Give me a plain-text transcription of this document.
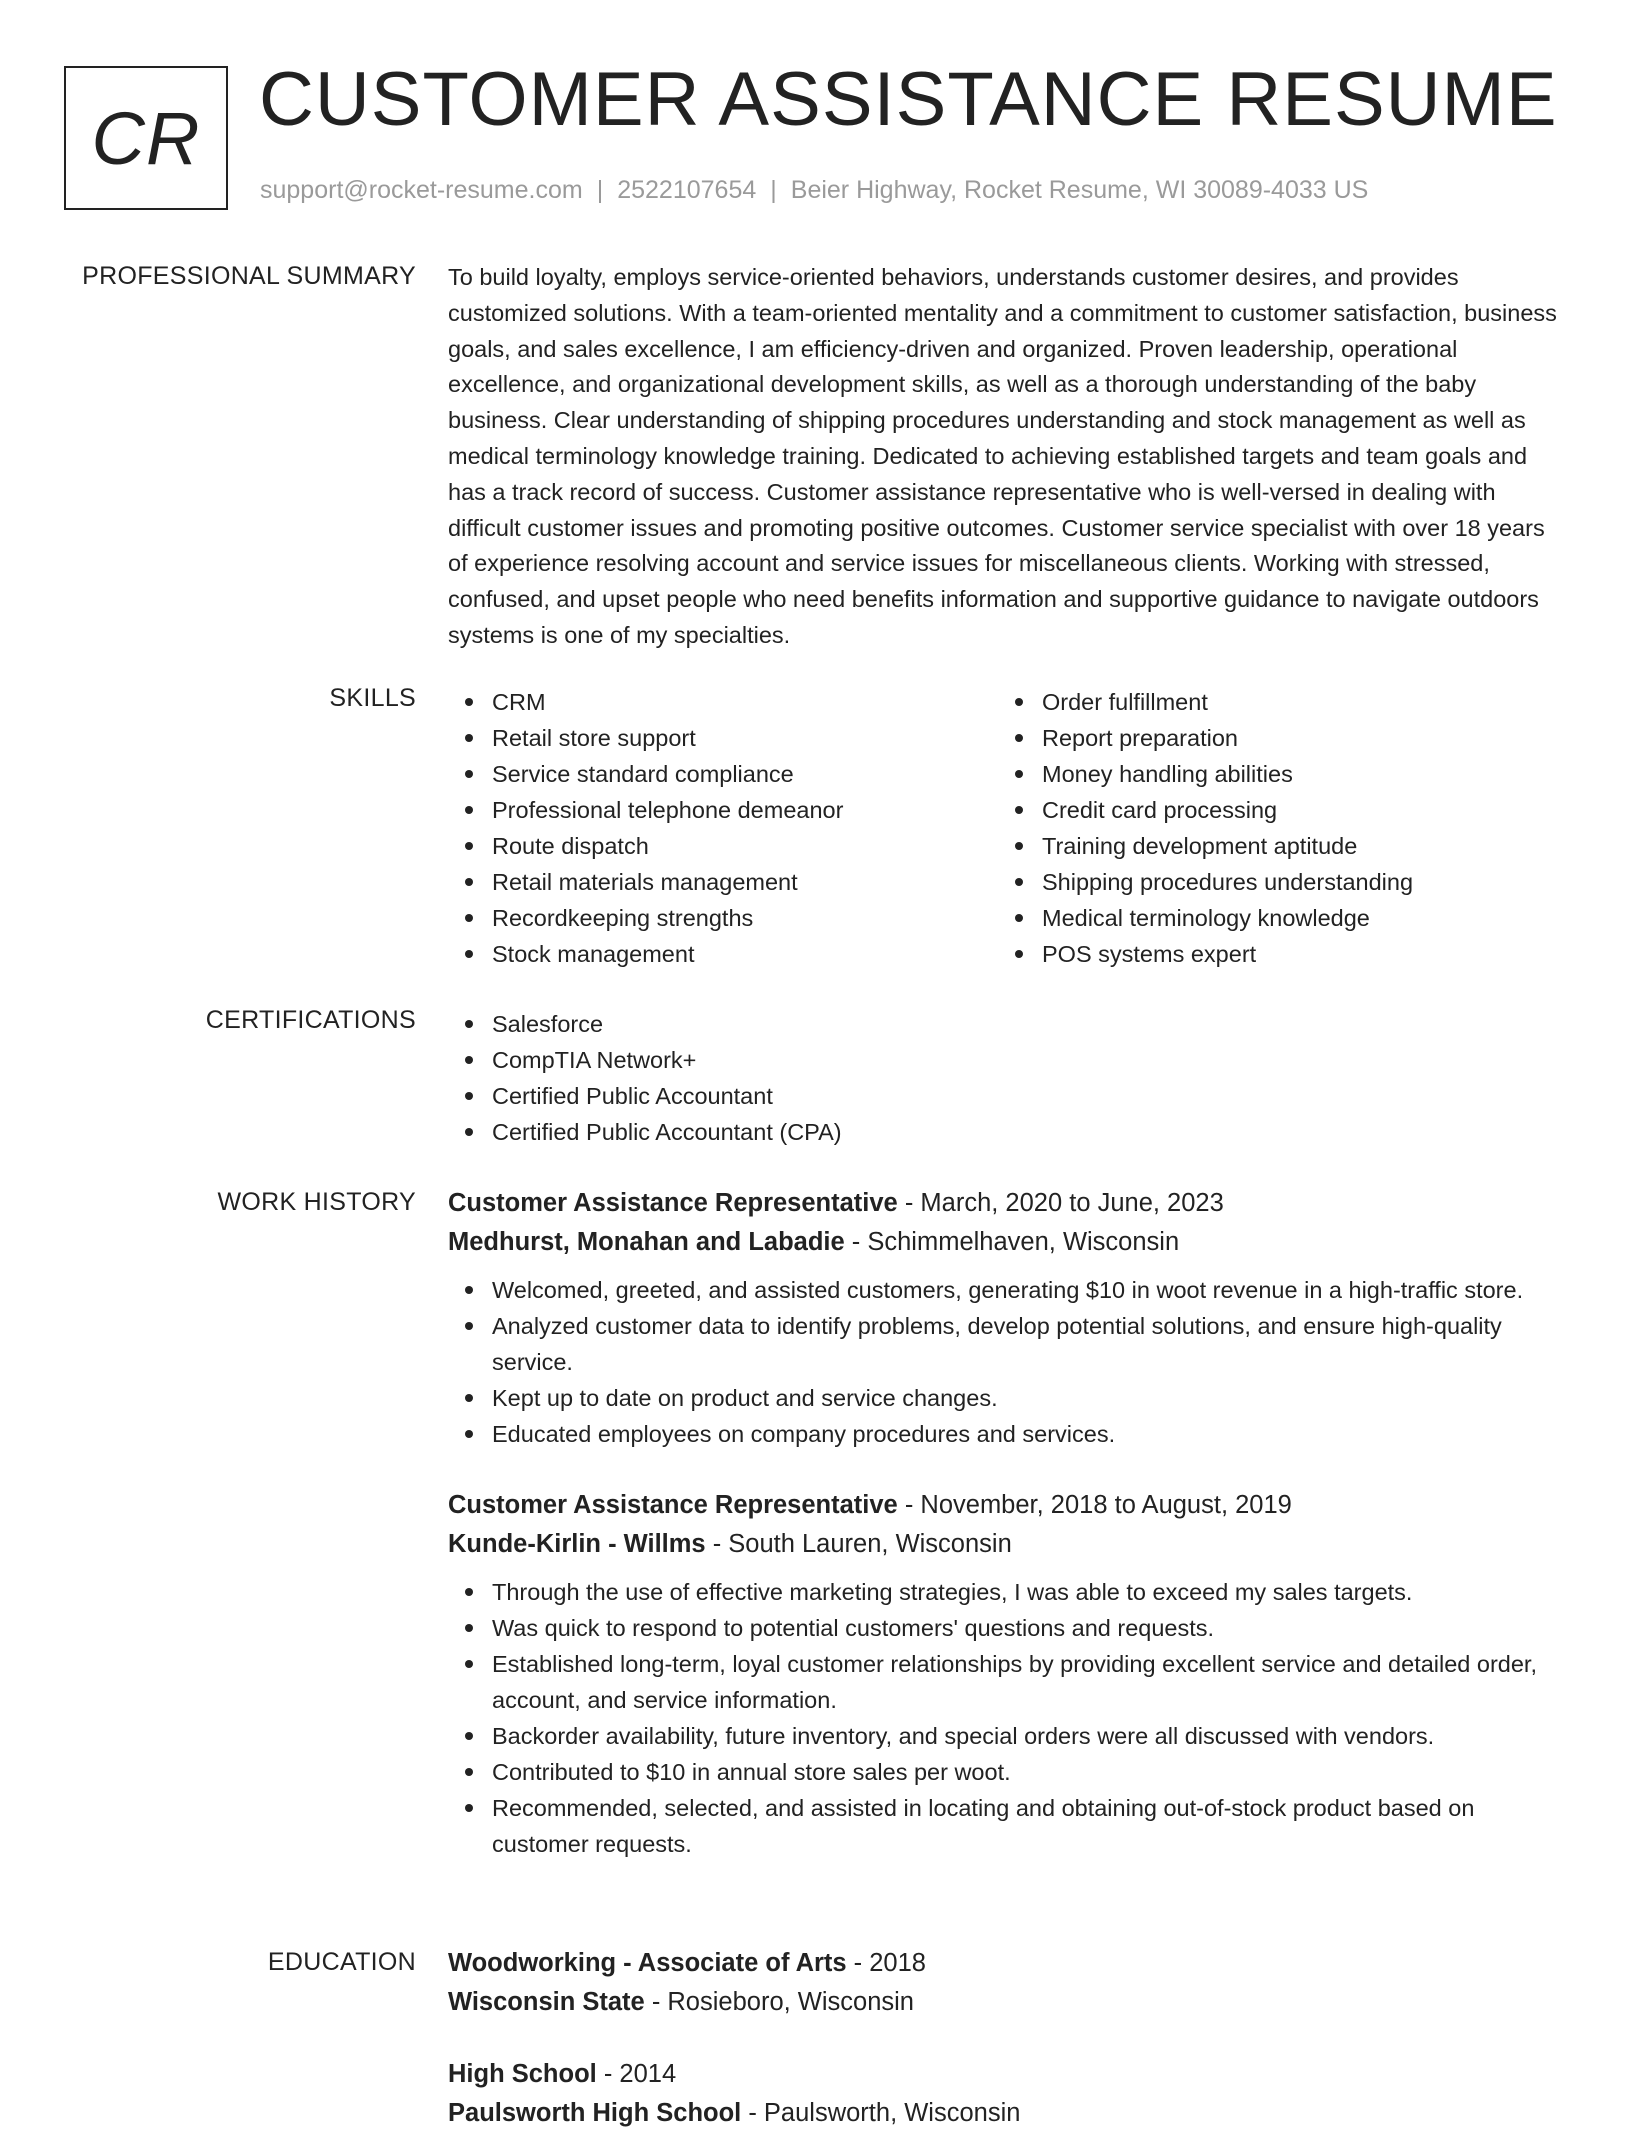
CR CUSTOMER ASSISTANCE RESUME
support@rocket-resume.com | 2522107654 | Beier Highway, Rocket Resume, WI 30089-4033 US
PROFESSIONAL SUMMARY To build loyalty, employs service-oriented behaviors, understands customer desires, and provides customized solutions. With a team-oriented mentality and a commitment to customer satisfaction, business goals, and sales excellence, I am efficiency-driven and organized. Proven leadership, operational excellence, and organizational development skills, as well as a thorough understanding of the baby business. Clear understanding of shipping procedures understanding and stock management as well as medical terminology knowledge training. Dedicated to achieving established targets and team goals and has a track record of success. Customer assistance representative who is well-versed in dealing with difficult customer issues and promoting positive outcomes. Customer service specialist with over 18 years of experience resolving account and service issues for miscellaneous clients. Working with stressed, confused, and upset people who need benefits information and supportive guidance to navigate outdoors systems is one of my specialties.

SKILLS	CRM
Retail store support
Service standard compliance
Professional telephone demeanor
Route dispatch
Retail materials management
Recordkeeping strengths
Stock management
Order fulfillment
Report preparation
Money handling abilities
Credit card processing
Training development aptitude
Shipping procedures understanding
Medical terminology knowledge
POS systems expert
CERTIFICATIONS	Salesforce
CompTIA Network+
Certified Public Accountant
Certified Public Accountant (CPA)
WORK HISTORY Customer Assistance Representative - March, 2020 to June, 2023
Medhurst, Monahan and Labadie - Schimmelhaven, Wisconsin
Welcomed, greeted, and assisted customers, generating $10 in woot revenue in a high-traffic store.
Analyzed customer data to identify problems, develop potential solutions, and ensure high-quality service.
Kept up to date on product and service changes.
Educated employees on company procedures and services.
Customer Assistance Representative - November, 2018 to August, 2019
Kunde-Kirlin - Willms - South Lauren, Wisconsin
Through the use of effective marketing strategies, I was able to exceed my sales targets.
Was quick to respond to potential customers' questions and requests.
Established long-term, loyal customer relationships by providing excellent service and detailed order, account, and service information.
Backorder availability, future inventory, and special orders were all discussed with vendors.
Contributed to $10 in annual store sales per woot.
Recommended, selected, and assisted in locating and obtaining out-of-stock product based on customer requests.
EDUCATION Woodworking - Associate of Arts - 2018
Wisconsin State - Rosieboro, Wisconsin
High School - 2014
Paulsworth High School - Paulsworth, Wisconsin
